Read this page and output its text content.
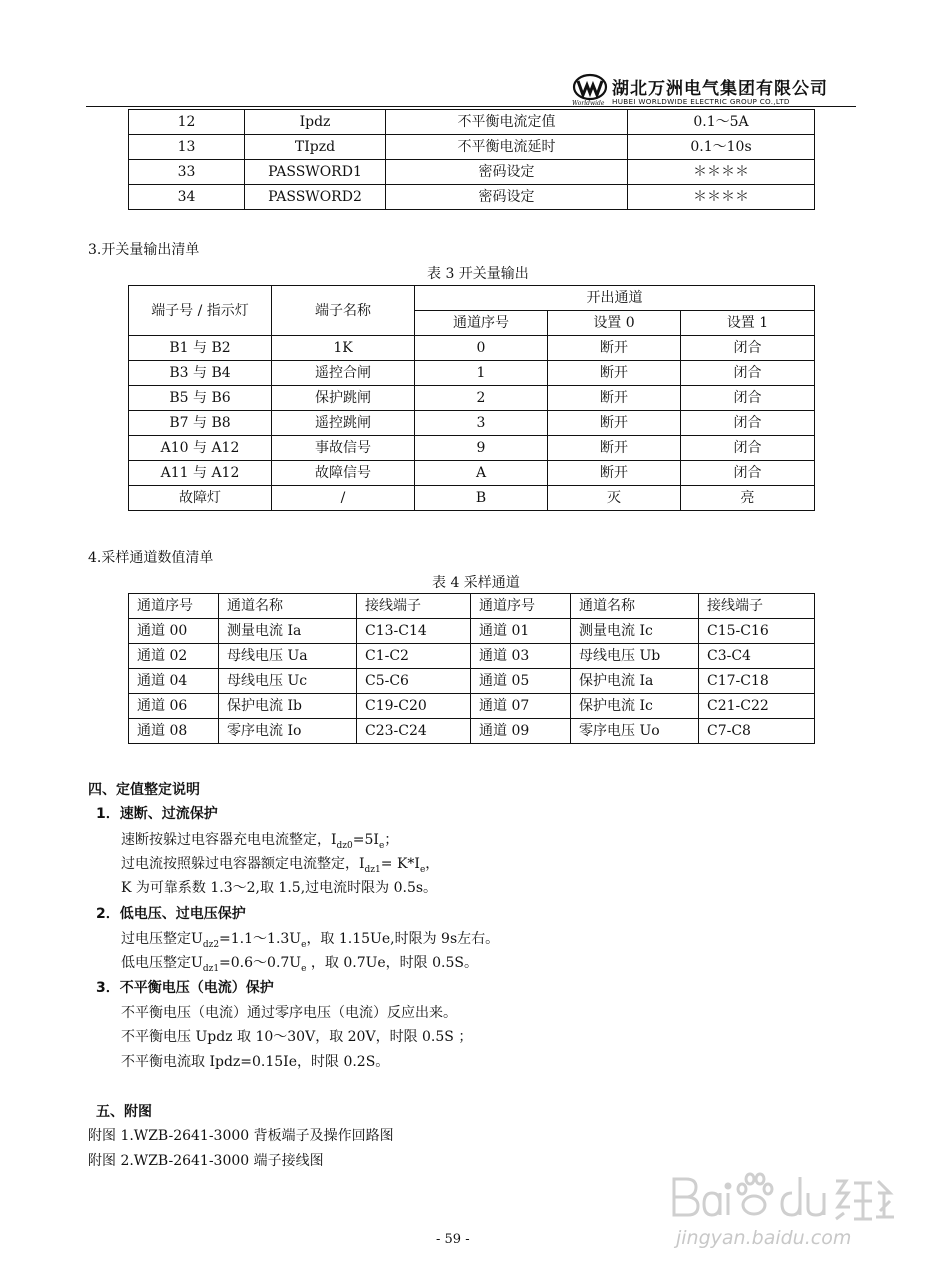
湖北万洲电气集团有限公司
HUBEI WORLDWIDE ELECTRIC GROUP CO.,LTD
Worldwide
12	Ipdz	不平衡电流定值	0.1～5A
13	TIpzd	不平衡电流延时	0.1～10s
33	PASSWORD1	密码设定	＊＊＊＊
34	PASSWORD2	密码设定	＊＊＊＊
3.开关量输出清单
表 3 开关量输出
端子号 / 指示灯	端子名称	开出通道		
		通道序号	设置 0	设置 1
B1 与 B2	1K	0	断开	闭合
B3 与 B4	遥控合闸	1	断开	闭合
B5 与 B6	保护跳闸	2	断开	闭合
B7 与 B8	遥控跳闸	3	断开	闭合
A10 与 A12	事故信号	9	断开	闭合
A11 与 A12	故障信号	A	断开	闭合
故障灯	/	B	灭	亮
4.采样通道数值清单
表 4 采样通道
通道序号	通道名称	接线端子	通道序号	通道名称	接线端子
通道 00	测量电流 Ia	C13-C14	通道 01	测量电流 Ic	C15-C16
通道 02	母线电压 Ua	C1-C2	通道 03	母线电压 Ub	C3-C4
通道 04	母线电压 Uc	C5-C6	通道 05	保护电流 Ia	C17-C18
通道 06	保护电流 Ib	C19-C20	通道 07	保护电流 Ic	C21-C22
通道 08	零序电流 Io	C23-C24	通道 09	零序电压 Uo	C7-C8
四、定值整定说明
1．速断、过流保护
速断按躲过电容器充电电流整定，$I_{dz0}=5I_e$；
过电流按照躲过电容器额定电流整定，$I_{dz1}= K*I_e$，
K 为可靠系数 1.3～2,取 1.5,过电流时限为 0.5s。
2．低电压、过电压保护
过电压整定$U_{dz2}=1.1\sim 1.3U_e$，取 1.15Ue,时限为 9s左右。
低电压整定$U_{dz1}=0.6\sim 0.7U_e$ ，取 0.7Ue，时限 0.5S。
3．不平衡电压（电流）保护
不平衡电压（电流）通过零序电压（电流）反应出来。
不平衡电压 Updz 取 10～30V，取 20V，时限 0.5S ；
不平衡电流取 Ipdz=0.15Ie，时限 0.2S。
五、附图
附图 1.WZB-2641-3000 背板端子及操作回路图
附图 2.WZB-2641-3000 端子接线图
jingyan.baidu.com
- 59 -
